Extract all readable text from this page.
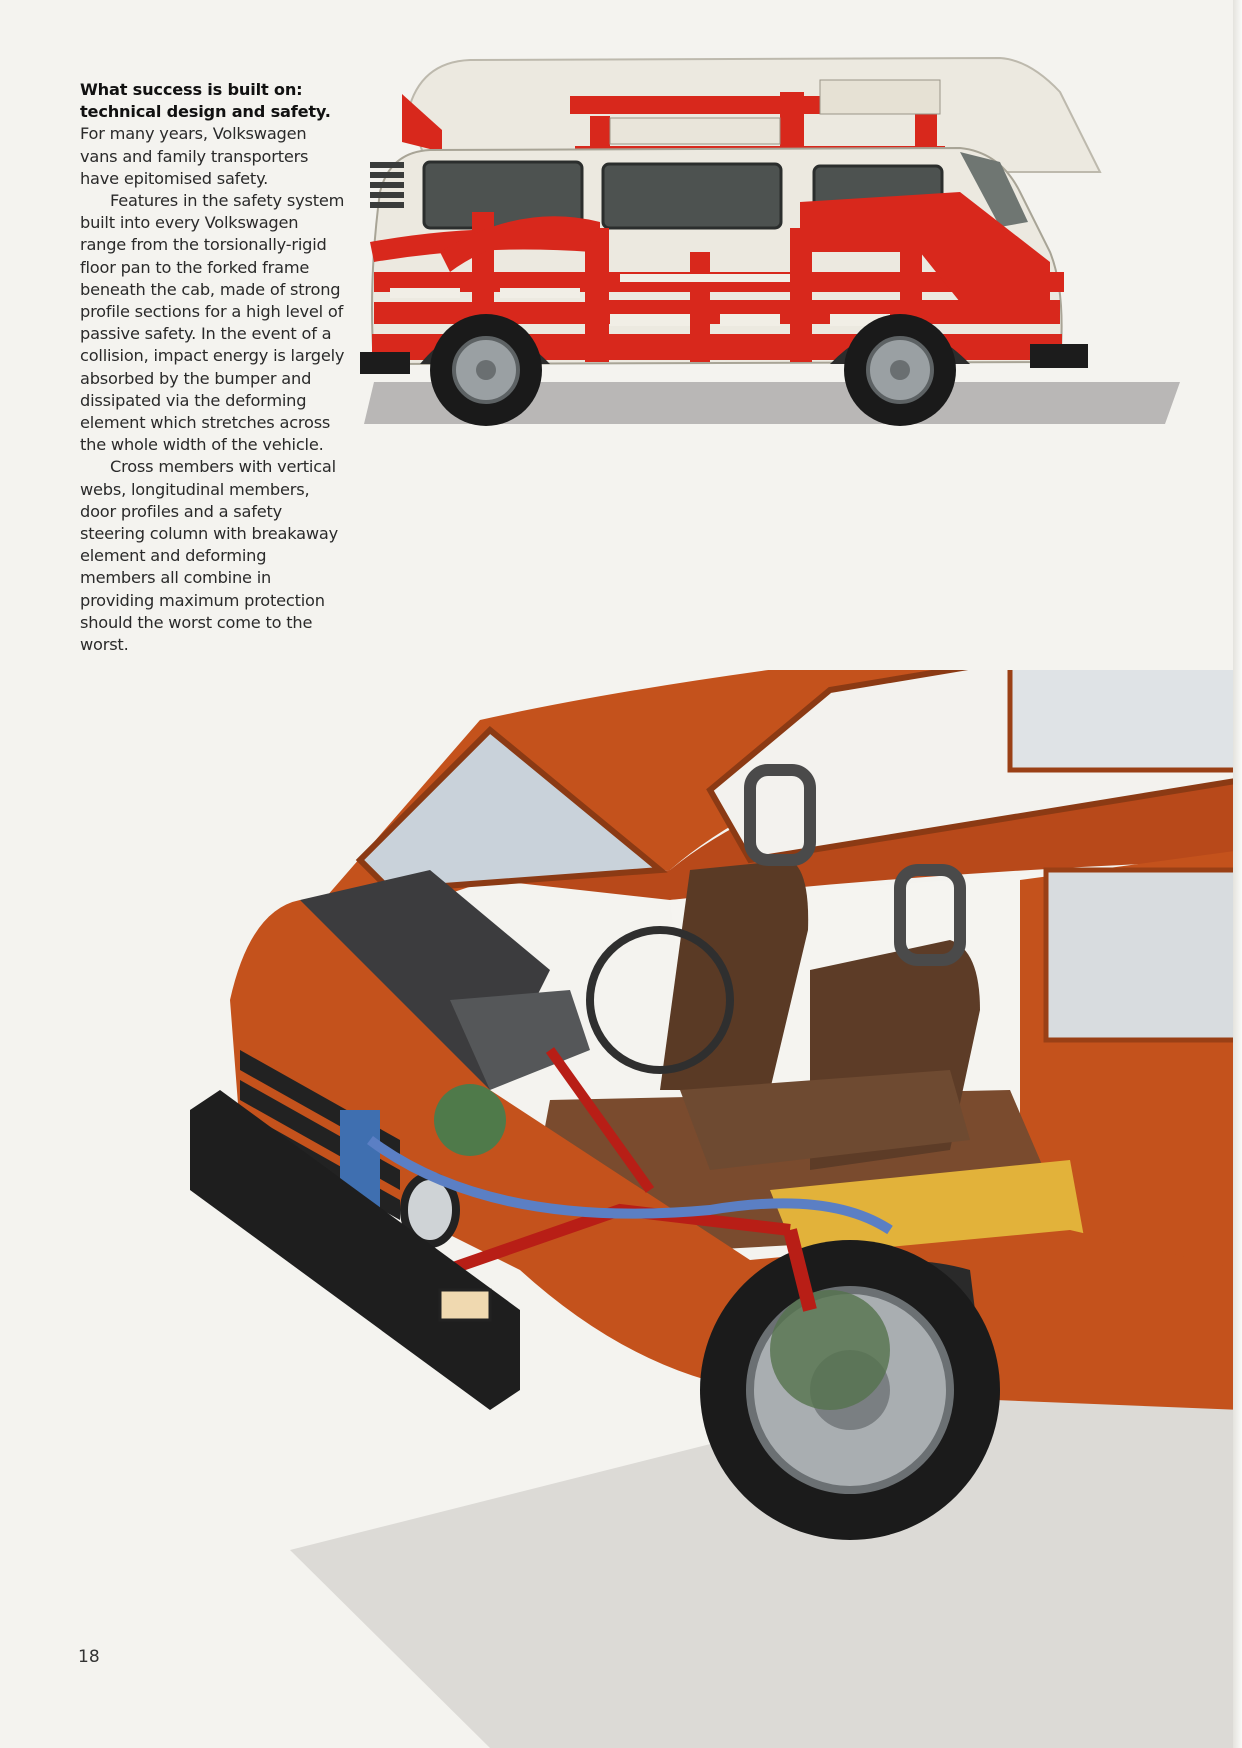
What success is built on:

technical design and safety.

For many years, Volkswagen vans and family transporters have epitomised safety.

Features in the safety system built into every Volkswagen range from the torsionally-rigid floor pan to the forked frame beneath the cab, made of strong profile sections for a high level of passive safety. In the event of a collision, impact energy is largely absorbed by the bumper and dissipated via the deforming element which stretches across the whole width of the vehicle.

Cross members with vertical webs, longitudinal members, door profiles and a safety steering column with breakaway element and deforming members all combine in providing maximum protection should the worst come to the worst.

18
